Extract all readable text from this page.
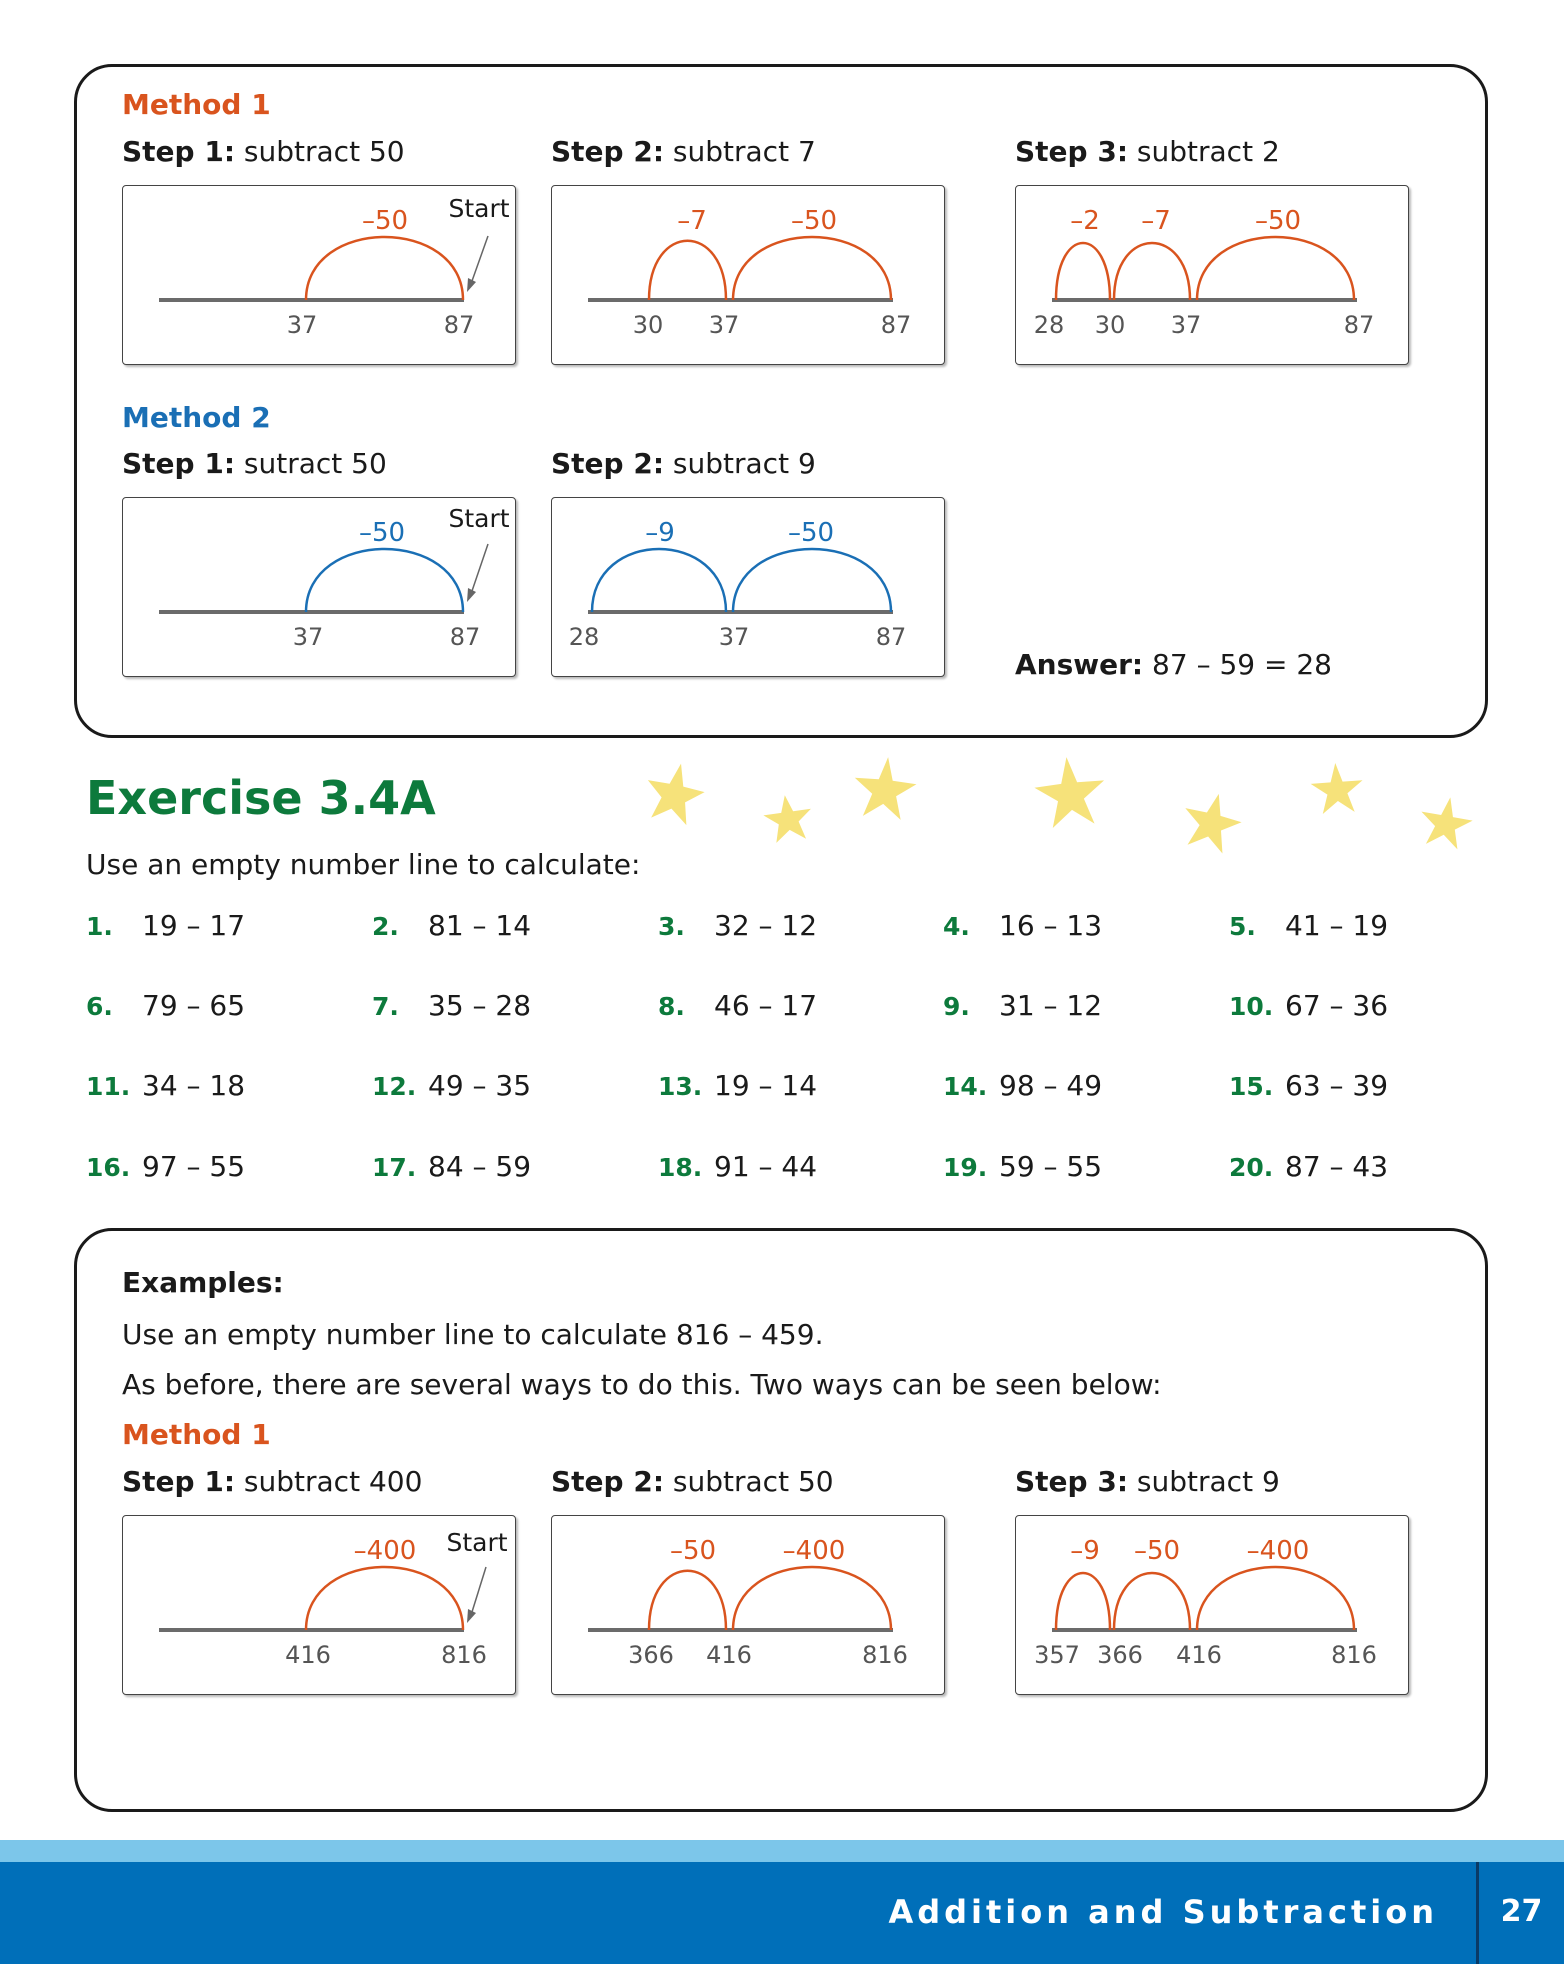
Method 1
Step 1: subtract 50	Step 2: subtract 7	Step 3: subtract 2
–50 Start
37	87
–7	–50
30 37	87
–2 –7	–50
28 30 37	87
Method 2
Step 1: sutract 50	Step 2: subtract 9
–50 Start
37	87
–9	–50
28	37	87
Answer: 87 – 59 = 28
Exercise 3.4A
Use an empty number line to calculate:
1. 19 – 17	2. 81 – 14	3. 32 – 12	4. 16 – 13	5. 41 – 19
6. 79 – 65	7. 35 – 28	8. 46 – 17	9. 31 – 12	10. 67 – 36
11. 34 – 18	12. 49 – 35	13. 19 – 14	14. 98 – 49	15. 63 – 39
16. 97 – 55	17. 84 – 59	18. 91 – 44	19. 59 – 55	20. 87 – 43
Examples:
Use an empty number line to calculate 816 – 459.
As before, there are several ways to do this. Two ways can be seen below:
Method 1
Step 1: subtract 400	Step 2: subtract 50	Step 3: subtract 9
–400 Start
416	816
–50	–400
366 416	816
–9 –50	–400
357 366 416	816
Addition and Subtraction	27
